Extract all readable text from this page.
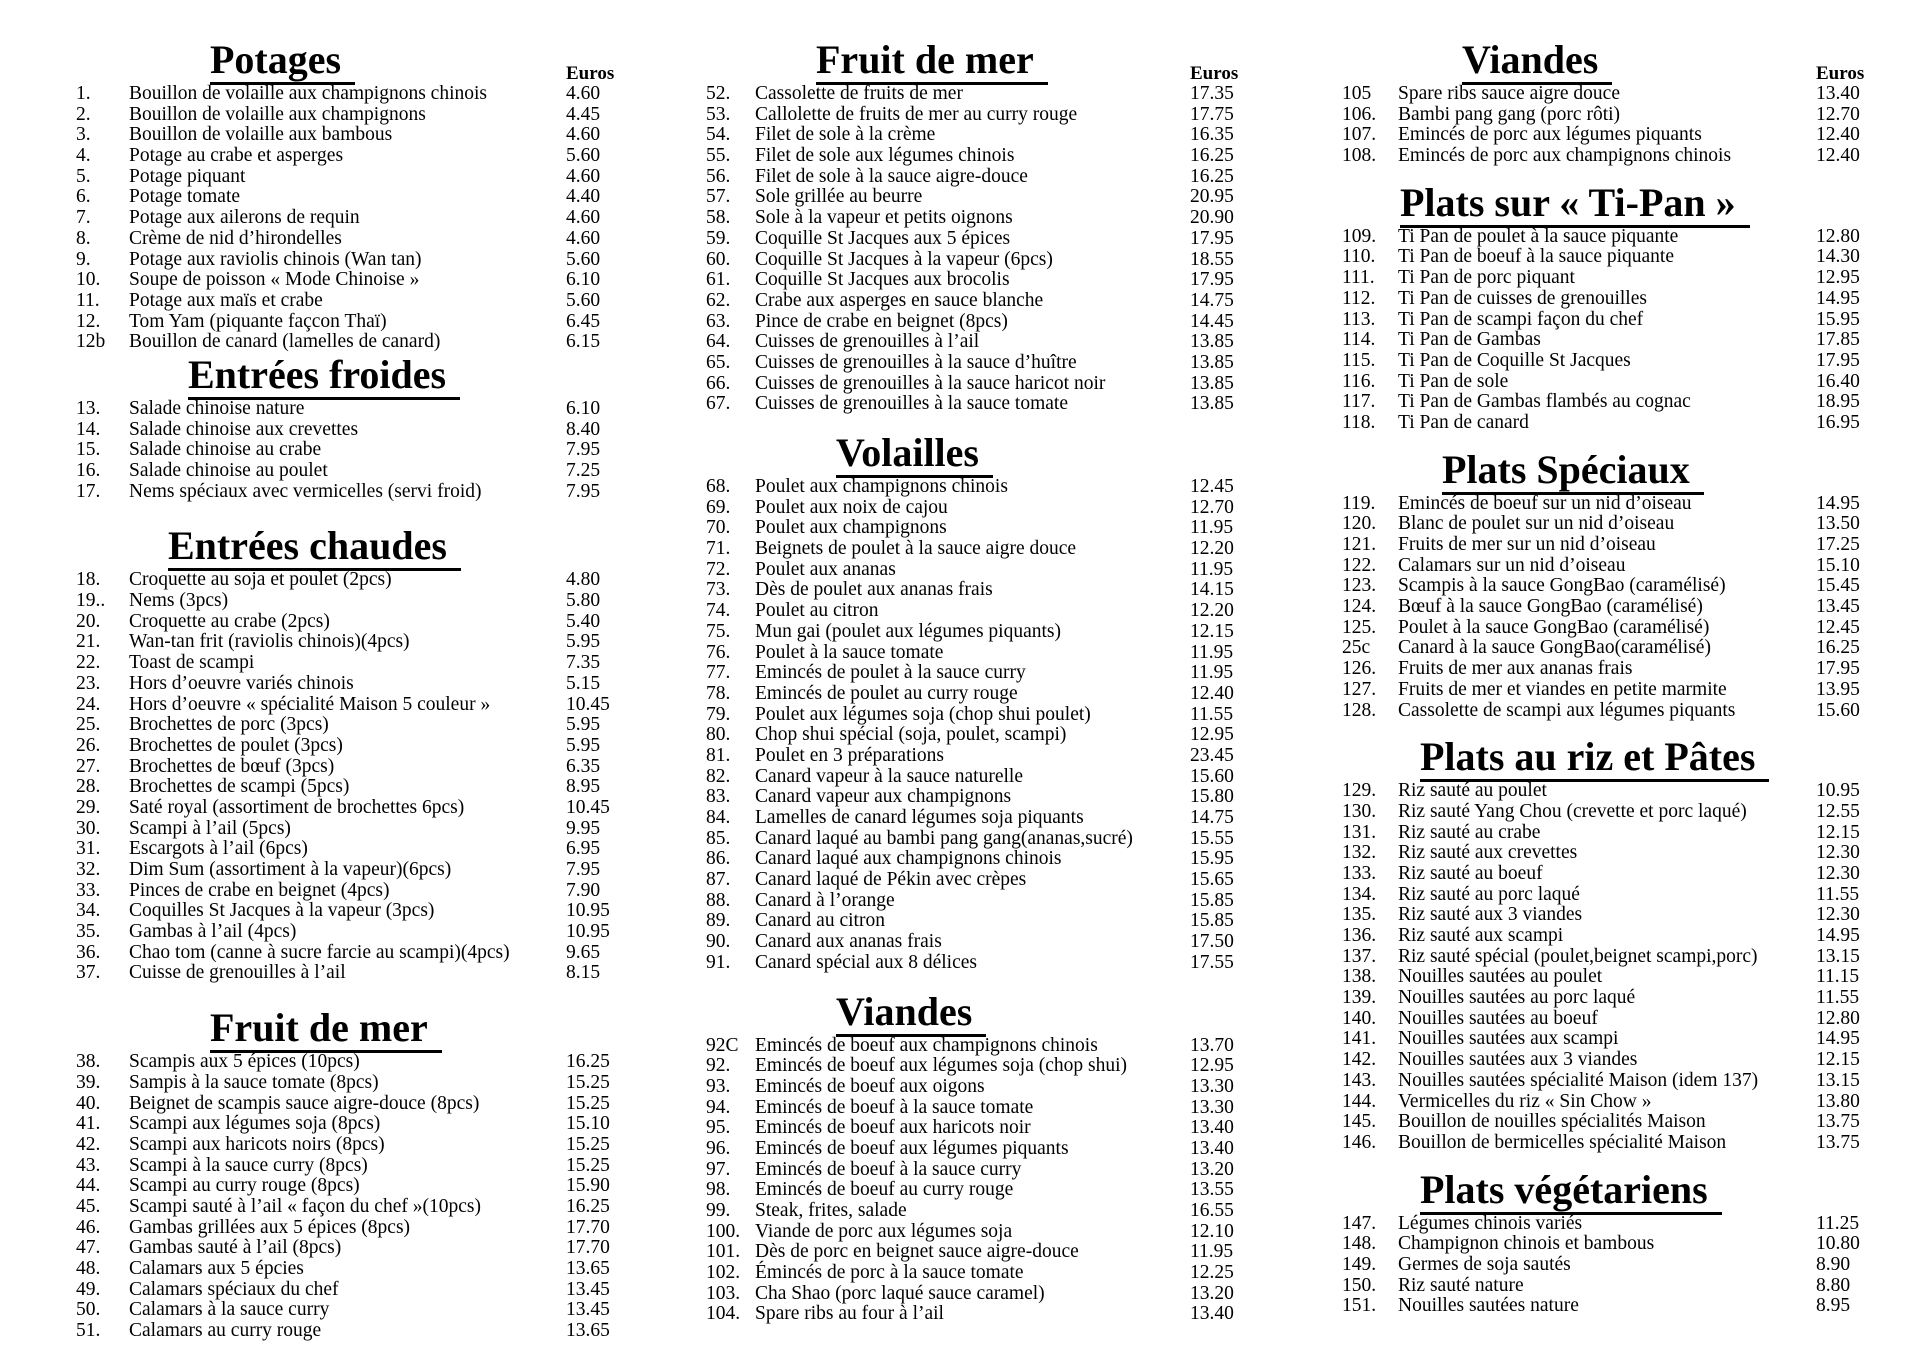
Potages	Euros
1. Bouillon de volaille aux champignons chinois	4.60
2. Bouillon de volaille aux champignons	4.45
3. Bouillon de volaille aux bambous	4.60
4. Potage au crabe et asperges	5.60
5. Potage piquant	4.60
6. Potage tomate	4.40
7. Potage aux ailerons de requin	4.60
8. Crème de nid d’hirondelles	4.60
9. Potage aux raviolis chinois (Wan tan)	5.60
10. Soupe de poisson « Mode Chinoise »	6.10
11. Potage aux maïs et crabe	5.60
12. Tom Yam (piquante façcon Thaï)	6.45
12b Bouillon de canard (lamelles de canard)	6.15
Entrées froides
13. Salade chinoise nature	6.10
14. Salade chinoise aux crevettes	8.40
15. Salade chinoise au crabe	7.95
16. Salade chinoise au poulet	7.25
17. Nems spéciaux avec vermicelles (servi froid)	7.95
Entrées chaudes
18. Croquette au soja et poulet (2pcs)	4.80
19.. Nems (3pcs)	5.80
20. Croquette au crabe (2pcs)	5.40
21. Wan-tan frit (raviolis chinois)(4pcs)	5.95
22. Toast de scampi	7.35
23. Hors d’oeuvre variés chinois	5.15
24. Hors d’oeuvre « spécialité Maison 5 couleur »	10.45
25. Brochettes de porc (3pcs)	5.95
26. Brochettes de poulet (3pcs)	5.95
27. Brochettes de bœuf (3pcs)	6.35
28. Brochettes de scampi (5pcs)	8.95
29. Saté royal (assortiment de brochettes 6pcs)	10.45
30. Scampi à l’ail (5pcs)	9.95
31. Escargots à l’ail (6pcs)	6.95
32. Dim Sum (assortiment à la vapeur)(6pcs)	7.95
33. Pinces de crabe en beignet (4pcs)	7.90
34. Coquilles St Jacques à la vapeur (3pcs)	10.95
35. Gambas à l’ail (4pcs)	10.95
36. Chao tom (canne à sucre farcie au scampi)(4pcs)	9.65
37. Cuisse de grenouilles à l’ail	8.15
Fruit de mer
38. Scampis aux 5 épices (10pcs)	16.25
39. Sampis à la sauce tomate (8pcs)	15.25
40. Beignet de scampis sauce aigre-douce (8pcs)	15.25
41. Scampi aux légumes soja (8pcs)	15.10
42. Scampi aux haricots noirs (8pcs)	15.25
43. Scampi à la sauce curry (8pcs)	15.25
44. Scampi au curry rouge (8pcs)	15.90
45. Scampi sauté à l’ail « façon du chef »(10pcs)	16.25
46. Gambas grillées aux 5 épices (8pcs)	17.70
47. Gambas sauté à l’ail (8pcs)	17.70
48. Calamars aux 5 épcies	13.65
49. Calamars spéciaux du chef	13.45
50. Calamars à la sauce curry	13.45
51. Calamars au curry rouge	13.65
Fruit de mer	Euros
52. Cassolette de fruits de mer	17.35
53. Callolette de fruits de mer au curry rouge	17.75
54. Filet de sole à la crème	16.35
55. Filet de sole aux légumes chinois	16.25
56. Filet de sole à la sauce aigre-douce	16.25
57. Sole grillée au beurre	20.95
58. Sole à la vapeur et petits oignons	20.90
59. Coquille St Jacques aux 5 épices	17.95
60. Coquille St Jacques à la vapeur (6pcs)	18.55
61. Coquille St Jacques aux brocolis	17.95
62. Crabe aux asperges en sauce blanche	14.75
63. Pince de crabe en beignet (8pcs)	14.45
64. Cuisses de grenouilles à l’ail	13.85
65. Cuisses de grenouilles à la sauce d’huître	13.85
66. Cuisses de grenouilles à la sauce haricot noir	13.85
67. Cuisses de grenouilles à la sauce tomate	13.85
Volailles
68. Poulet aux champignons chinois	12.45
69. Poulet aux noix de cajou	12.70
70. Poulet aux champignons	11.95
71. Beignets de poulet à la sauce aigre douce	12.20
72. Poulet aux ananas	11.95
73. Dès de poulet aux ananas frais	14.15
74. Poulet au citron	12.20
75. Mun gai (poulet aux légumes piquants)	12.15
76. Poulet à la sauce tomate	11.95
77. Emincés de poulet à la sauce curry	11.95
78. Emincés de poulet au curry rouge	12.40
79. Poulet aux légumes soja (chop shui poulet)	11.55
80. Chop shui spécial (soja, poulet, scampi)	12.95
81. Poulet en 3 préparations	23.45
82. Canard vapeur à la sauce naturelle	15.60
83. Canard vapeur aux champignons	15.80
84. Lamelles de canard légumes soja piquants	14.75
85. Canard laqué au bambi pang gang(ananas,sucré)	15.55
86. Canard laqué aux champignons chinois	15.95
87. Canard laqué de Pékin avec crèpes	15.65
88. Canard à l’orange	15.85
89. Canard au citron	15.85
90. Canard aux ananas frais	17.50
91. Canard spécial aux 8 délices	17.55
Viandes
92C Emincés de boeuf aux champignons chinois	13.70
92. Emincés de boeuf aux légumes soja (chop shui)	12.95
93. Emincés de boeuf aux oigons	13.30
94. Emincés de boeuf à la sauce tomate	13.30
95. Emincés de boeuf aux haricots noir	13.40
96. Emincés de boeuf aux légumes piquants	13.40
97. Emincés de boeuf à la sauce curry	13.20
98. Emincés de boeuf au curry rouge	13.55
99. Steak, frites, salade	16.55
100. Viande de porc aux légumes soja	12.10
101. Dès de porc en beignet sauce aigre-douce	11.95
102. Émincés de porc à la sauce tomate	12.25
103. Cha Shao (porc laqué sauce caramel)	13.20
104. Spare ribs au four à l’ail	13.40
Viandes	Euros
105 Spare ribs sauce aigre douce	13.40
106. Bambi pang gang (porc rôti)	12.70
107. Emincés de porc aux légumes piquants	12.40
108. Emincés de porc aux champignons chinois	12.40
Plats sur « Ti-Pan »
109. Ti Pan de poulet à la sauce piquante	12.80
110. Ti Pan de boeuf à la sauce piquante	14.30
111. Ti Pan de porc piquant	12.95
112. Ti Pan de cuisses de grenouilles	14.95
113. Ti Pan de scampi façon du chef	15.95
114. Ti Pan de Gambas	17.85
115. Ti Pan de Coquille St Jacques	17.95
116. Ti Pan de sole	16.40
117. Ti Pan de Gambas flambés au cognac	18.95
118. Ti Pan de canard	16.95
Plats Spéciaux
119. Emincés de boeuf sur un nid d’oiseau	14.95
120. Blanc de poulet sur un nid d’oiseau	13.50
121. Fruits de mer sur un nid d’oiseau	17.25
122. Calamars sur un nid d’oiseau	15.10
123. Scampis à la sauce GongBao (caramélisé)	15.45
124. Bœuf à la sauce GongBao (caramélisé)	13.45
125. Poulet à la sauce GongBao (caramélisé)	12.45
25c Canard à la sauce GongBao(caramélisé)	16.25
126. Fruits de mer aux ananas frais	17.95
127. Fruits de mer et viandes en petite marmite	13.95
128. Cassolette de scampi aux légumes piquants	15.60
Plats au riz et Pâtes
129. Riz sauté au poulet	10.95
130. Riz sauté Yang Chou (crevette et porc laqué)	12.55
131. Riz sauté au crabe	12.15
132. Riz sauté aux crevettes	12.30
133. Riz sauté au boeuf	12.30
134. Riz sauté au porc laqué	11.55
135. Riz sauté aux 3 viandes	12.30
136. Riz sauté aux scampi	14.95
137. Riz sauté spécial (poulet,beignet scampi,porc)	13.15
138. Nouilles sautées au poulet	11.15
139. Nouilles sautées au porc laqué	11.55
140. Nouilles sautées au boeuf	12.80
141. Nouilles sautées aux scampi	14.95
142. Nouilles sautées aux 3 viandes	12.15
143. Nouilles sautées spécialité Maison (idem 137)	13.15
144. Vermicelles du riz « Sin Chow »	13.80
145. Bouillon de nouilles spécialités Maison	13.75
146. Bouillon de bermicelles spécialité Maison	13.75
Plats végétariens
147. Légumes chinois variés	11.25
148. Champignon chinois et bambous	10.80
149. Germes de soja sautés	8.90
150. Riz sauté nature	8.80
151. Nouilles sautées nature	8.95
